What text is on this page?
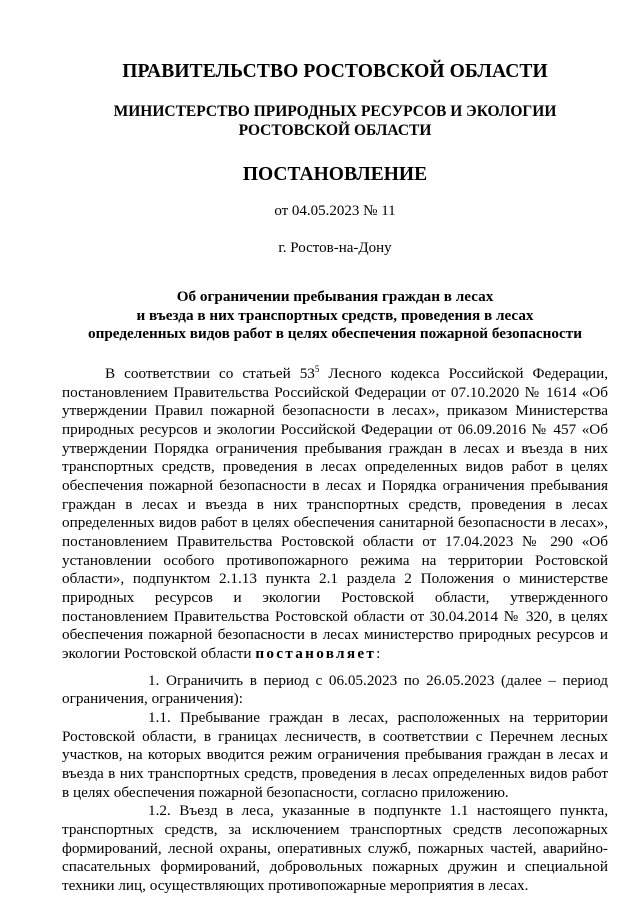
ПРАВИТЕЛЬСТВО РОСТОВСКОЙ ОБЛАСТИ

МИНИСТЕРСТВО ПРИРОДНЫХ РЕСУРСОВ И ЭКОЛОГИИ
РОСТОВСКОЙ ОБЛАСТИ

ПОСТАНОВЛЕНИЕ

от 04.05.2023 № 11

г. Ростов-на-Дону

Об ограничении пребывания граждан в лесах
и въезда в них транспортных средств, проведения в лесах
определенных видов работ в целях обеспечения пожарной безопасности

В соответствии со статьей $53^5$ Лесного кодекса Российской Федерации, постановлением Правительства Российской Федерации от 07.10.2020 № 1614 «Об утверждении Правил пожарной безопасности в лесах», приказом Министерства природных ресурсов и экологии Российской Федерации от 06.09.2016 № 457 «Об утверждении Порядка ограничения пребывания граждан в лесах и въезда в них транспортных средств, проведения в лесах определенных видов работ в целях обеспечения пожарной безопасности в лесах и Порядка ограничения пребывания граждан в лесах и въезда в них транспортных средств, проведения в лесах определенных видов работ в целях обеспечения санитарной безопасности в лесах», постановлением Правительства Ростовской области от 17.04.2023 № 290 «Об установлении особого противопожарного режима на территории Ростовской области», подпунктом 2.1.13 пункта 2.1 раздела 2 Положения о министерстве природных ресурсов и экологии Ростовской области, утвержденного постановлением Правительства Ростовской области от 30.04.2014 № 320, в целях обеспечения пожарной безопасности в лесах министерство природных ресурсов и экологии Ростовской области постановляет:

1. Ограничить в период с 06.05.2023 по 26.05.2023 (далее – период ограничения, ограничения):

1.1. Пребывание граждан в лесах, расположенных на территории Ростовской области, в границах лесничеств, в соответствии с Перечнем лесных участков, на которых вводится режим ограничения пребывания граждан в лесах и въезда в них транспортных средств, проведения в лесах определенных видов работ в целях обеспечения пожарной безопасности, согласно приложению.

1.2. Въезд в леса, указанные в подпункте 1.1 настоящего пункта, транспортных средств, за исключением транспортных средств лесопожарных формирований, лесной охраны, оперативных служб, пожарных частей, аварийно-спасательных формирований, добровольных пожарных дружин и специальной техники лиц, осуществляющих противопожарные мероприятия в лесах.
